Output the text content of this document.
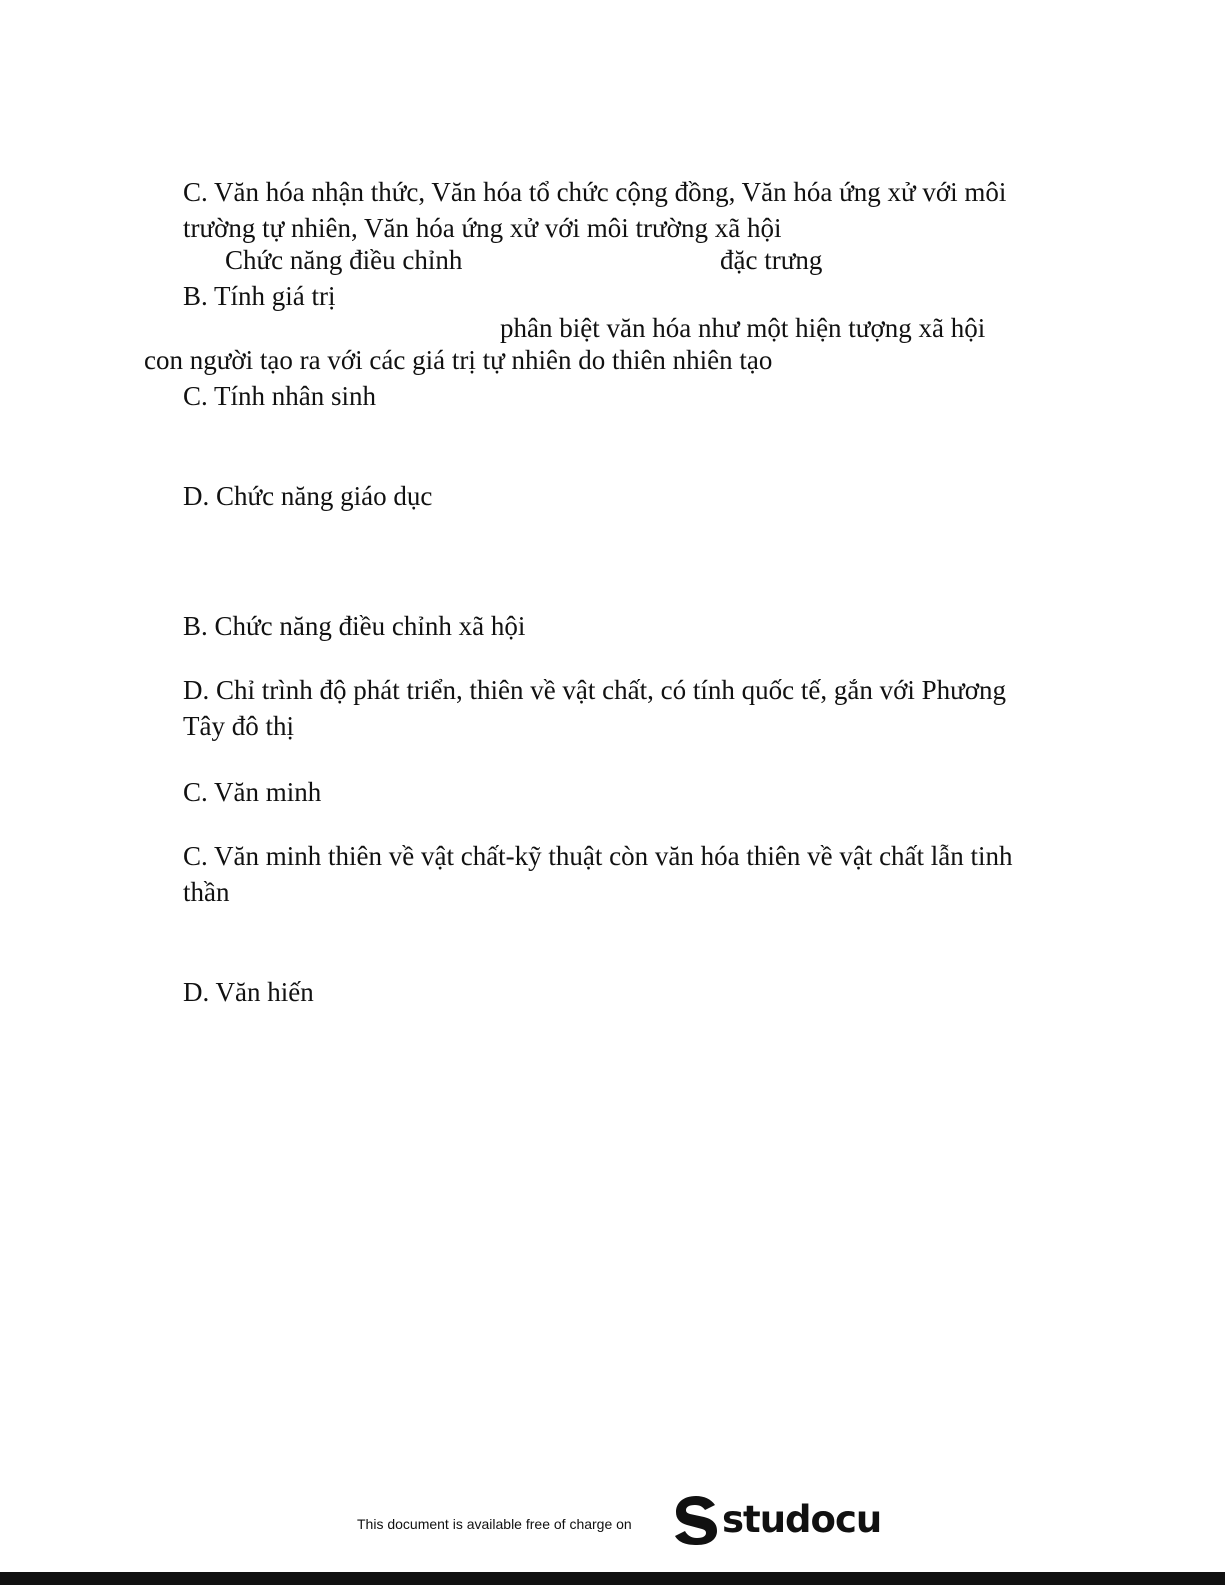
C. Văn hóa nhận thức, Văn hóa tổ chức cộng đồng, Văn hóa ứng xử với môi
trường tự nhiên, Văn hóa ứng xử với môi trường xã hội
Chức năng điều chỉnh	đặc trưng
B. Tính giá trị
phân biệt văn hóa như một hiện tượng xã hội
con người tạo ra với các giá trị tự nhiên do thiên nhiên tạo
C. Tính nhân sinh
D. Chức năng giáo dục
B. Chức năng điều chỉnh xã hội
D. Chỉ trình độ phát triển, thiên về vật chất, có tính quốc tế, gắn với Phương
Tây đô thị
C. Văn minh
C. Văn minh thiên về vật chất-kỹ thuật còn văn hóa thiên về vật chất lẫn tinh
thần
D. Văn hiến
This document is available free of charge on studocu
